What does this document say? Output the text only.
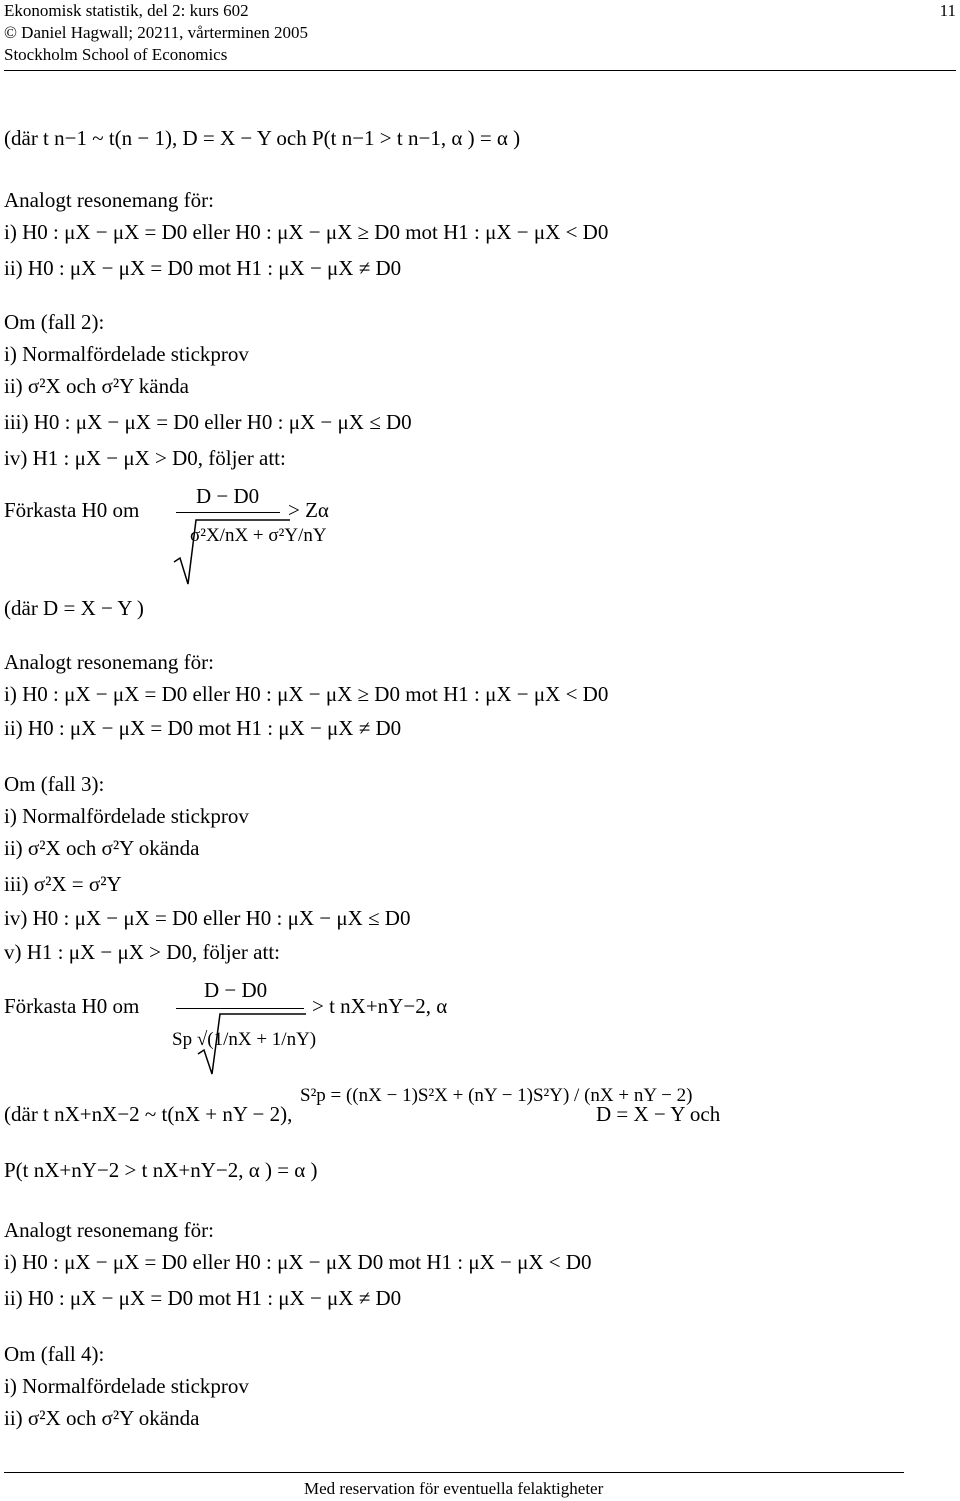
Ekonomisk statistik, del 2: kurs 602
© Daniel Hagwall; 20211, vårterminen 2005
Stockholm School of Economics
11
(där t n−1 ~ t(n − 1), D = X − Y och P(t n−1 > t n−1, α ) = α )
Analogt resonemang för:
i) H0 : μX − μX = D0 eller H0 : μX − μX ≥ D0 mot H1 : μX − μX < D0
ii) H0 : μX − μX = D0 mot H1 : μX − μX ≠ D0
Om (fall 2):
i) Normalfördelade stickprov
ii) σ²X och σ²Y kända
iii) H0 : μX − μX = D0 eller H0 : μX − μX ≤ D0
iv) H1 : μX − μX > D0, följer att:
Förkasta H0 om
D − D0
σ²X/nX + σ²Y/nY
> Zα
(där D = X − Y )
Analogt resonemang för:
i) H0 : μX − μX = D0 eller H0 : μX − μX ≥ D0 mot H1 : μX − μX < D0
ii) H0 : μX − μX = D0 mot H1 : μX − μX ≠ D0
Om (fall 3):
i) Normalfördelade stickprov
ii) σ²X och σ²Y okända
iii) σ²X = σ²Y
iv) H0 : μX − μX = D0 eller H0 : μX − μX ≤ D0
v) H1 : μX − μX > D0, följer att:
Förkasta H0 om
D − D0
Sp √(1/nX + 1/nY)
> t nX+nY−2, α
(där t nX+nX−2 ~ t(nX + nY − 2),
S²p = ((nX − 1)S²X + (nY − 1)S²Y) / (nX + nY − 2)
D = X − Y och
P(t nX+nY−2 > t nX+nY−2, α ) = α )
Analogt resonemang för:
i) H0 : μX − μX = D0 eller H0 : μX − μX D0 mot H1 : μX − μX < D0
ii) H0 : μX − μX = D0 mot H1 : μX − μX ≠ D0
Om (fall 4):
i) Normalfördelade stickprov
ii) σ²X och σ²Y okända
Med reservation för eventuella felaktigheter
